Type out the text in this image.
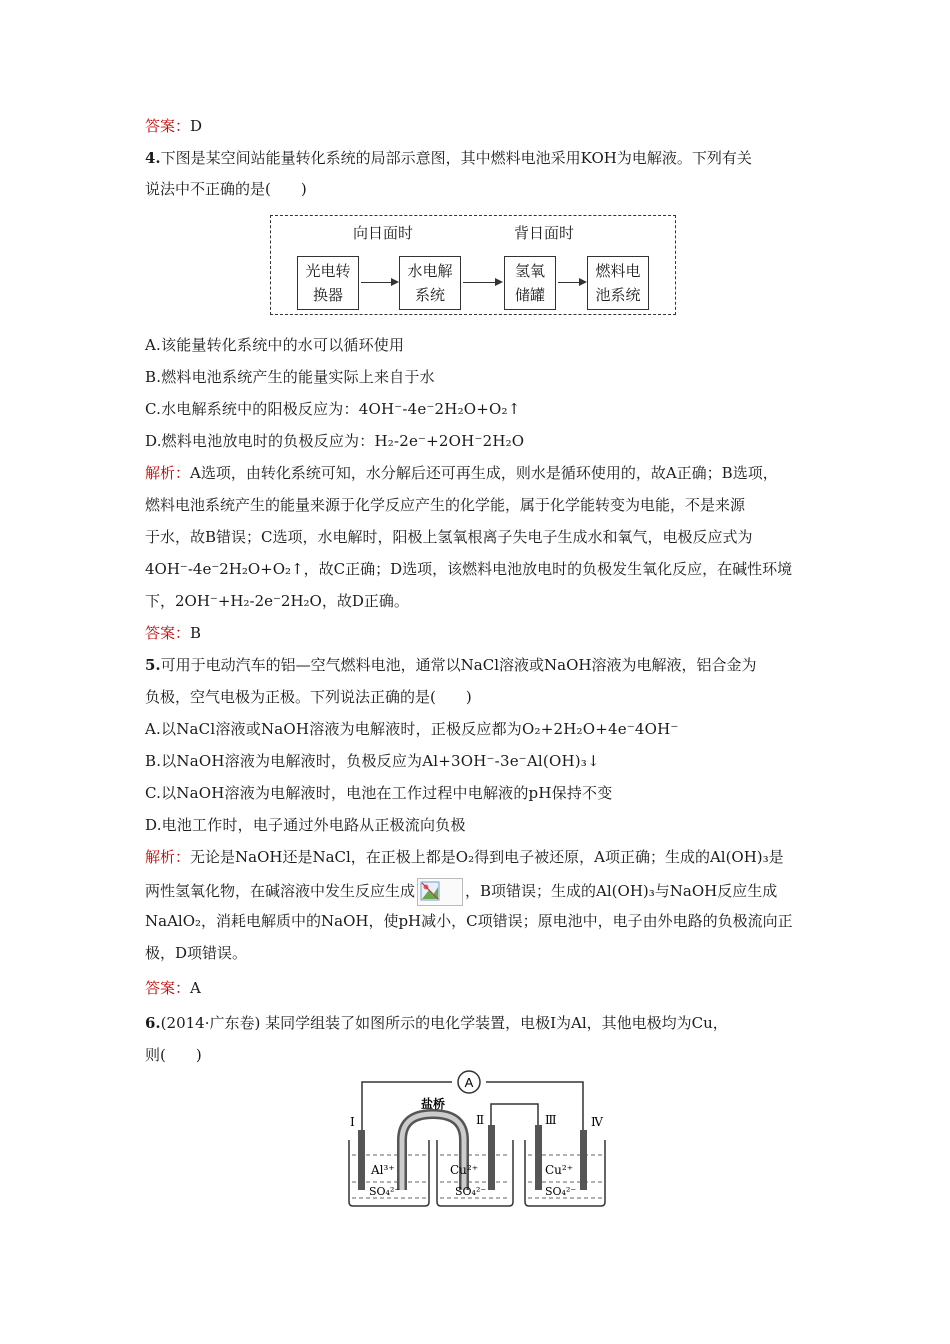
答案：D
4.下图是某空间站能量转化系统的局部示意图，其中燃料电池采用KOH为电解液。下列有关
说法中不正确的是(　　)
向日面时	背日面时
光电转
换器
水电解
系统
氢氧
储罐
燃料电
池系统
A.该能量转化系统中的水可以循环使用
B.燃料电池系统产生的能量实际上来自于水
C.水电解系统中的阳极反应为：4OH⁻-4e⁻2H₂O+O₂↑
D.燃料电池放电时的负极反应为：H₂-2e⁻+2OH⁻2H₂O
解析：A选项，由转化系统可知，水分解后还可再生成，则水是循环使用的，故A正确；B选项，
燃料电池系统产生的能量来源于化学反应产生的化学能，属于化学能转变为电能，不是来源
于水，故B错误；C选项，水电解时，阳极上氢氧根离子失电子生成水和氧气，电极反应式为
4OH⁻-4e⁻2H₂O+O₂↑，故C正确；D选项，该燃料电池放电时的负极发生氧化反应，在碱性环境
下，2OH⁻+H₂-2e⁻2H₂O，故D正确。
答案：B
5.可用于电动汽车的铝—空气燃料电池，通常以NaCl溶液或NaOH溶液为电解液，铝合金为
负极，空气电极为正极。下列说法正确的是(　　)
A.以NaCl溶液或NaOH溶液为电解液时，正极反应都为O₂+2H₂O+4e⁻4OH⁻
B.以NaOH溶液为电解液时，负极反应为Al+3OH⁻-3e⁻Al(OH)₃↓
C.以NaOH溶液为电解液时，电池在工作过程中电解液的pH保持不变
D.电池工作时，电子通过外电路从正极流向负极
解析：无论是NaOH还是NaCl，在正极上都是O₂得到电子被还原，A项正确；生成的Al(OH)₃是
两性氢氧化物，在碱溶液中发生反应生成	，B项错误；生成的Al(OH)₃与NaOH反应生成
NaAlO₂，消耗电解质中的NaOH，使pH减小，C项错误；原电池中，电子由外电路的负极流向正
极，D项错误。
答案：A
6.(2014·广东卷) 某同学组装了如图所示的电化学装置，电极Ⅰ为Al，其他电极均为Cu，
则(　　)
A
盐桥
Ⅰ	Ⅱ	Ⅲ	Ⅳ
Al³⁺
SO₄²⁻
Cu²⁺
SO₄²⁻
Cu²⁺
SO₄²⁻
